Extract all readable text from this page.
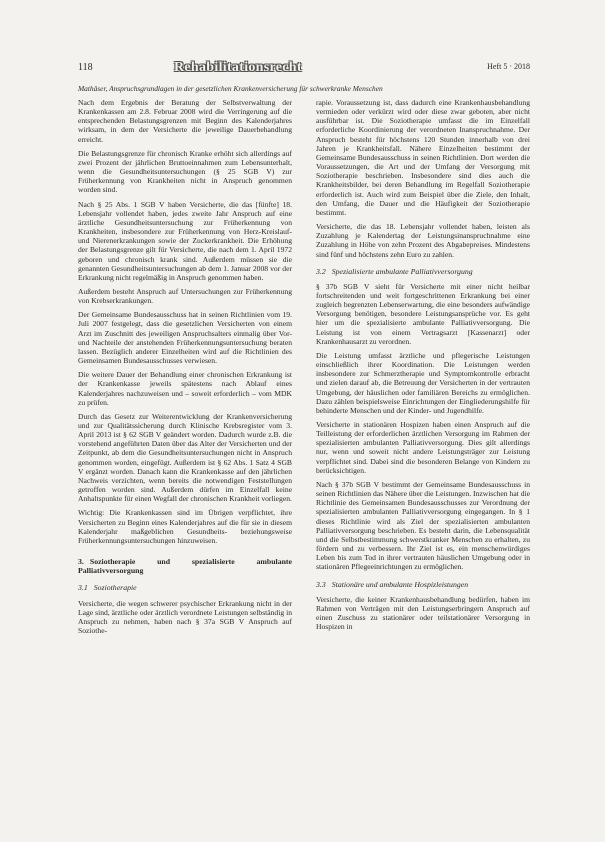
118	Rehabilitationsrecht	Heft 5 · 2018
Mathäser, Anspruchsgrundlagen in der gesetzlichen Krankenversicherung für schwerkranke Menschen

Nach dem Ergebnis der Beratung der Selbstverwaltung der Krankenkassen am 2.8. Februar 2008 wird die Verringerung auf die entsprechenden Belastungsgrenzen mit Beginn des Kalenderjahres wirksam, in dem der Versicherte die jeweilige Dauerbehandlung erreicht.

Die Belastungsgrenze für chronisch Kranke erhöht sich allerdings auf zwei Prozent der jährlichen Bruttoeinnahmen zum Lebensunterhalt, wenn die Gesundheitsuntersuchungen (§ 25 SGB V) zur Früherkennung von Krankheiten nicht in Anspruch genommen worden sind.

Nach § 25 Abs. 1 SGB V haben Versicherte, die das [fünfte] 18. Lebensjahr vollendet haben, jedes zweite Jahr Anspruch auf eine ärztliche Gesundheitsuntersuchung zur Früherkennung von Krankheiten, insbesondere zur Früherkennung von Herz-Kreislauf- und Nierenerkrankungen sowie der Zuckerkrankheit. Die Erhöhung der Belastungsgrenze gilt für Versicherte, die nach dem 1. April 1972 geboren und chronisch krank sind. Außerdem müssen sie die genannten Gesundheitsuntersuchungen ab dem 1. Januar 2008 vor der Erkrankung nicht regelmäßig in Anspruch genommen haben.

Außerdem besteht Anspruch auf Untersuchungen zur Früherkennung von Krebserkrankungen.

Der Gemeinsame Bundesausschuss hat in seinen Richtlinien vom 19. Juli 2007 festgelegt, dass die gesetzlichen Versicherten von einem Arzt im Zuschnitt des jeweiligen Anspruchsalters einmalig über Vor- und Nachteile der anstehenden Früherkennungsuntersuchung beraten lassen. Bezüglich anderer Einzelheiten wird auf die Richtlinien des Gemeinsamen Bundesausschusses verwiesen.

Die weitere Dauer der Behandlung einer chronischen Erkrankung ist der Krankenkasse jeweils spätestens nach Ablauf eines Kalenderjahres nachzuweisen und – soweit erforderlich – vom MDK zu prüfen.

Durch das Gesetz zur Weiterentwicklung der Krankenversicherung und zur Qualitätssicherung durch Klinische Krebsregister vom 3. April 2013 ist § 62 SGB V geändert worden. Dadurch wurde z.B. die vorstehend angeführten Daten über das Alter der Versicherten und der Zeitpunkt, ab dem die Gesundheitsuntersuchungen nicht in Anspruch genommen worden, eingefügt. Außerdem ist § 62 Abs. 1 Satz 4 SGB V ergänzt worden. Danach kann die Krankenkasse auf den jährlichen Nachweis verzichten, wenn bereits die notwendigen Feststellungen getroffen worden sind. Außerdem dürfen im Einzelfall keine Anhaltspunkte für einen Wegfall der chronischen Krankheit vorliegen.

Wichtig: Die Krankenkassen sind im Übrigen verpflichtet, ihre Versicherten zu Beginn eines Kalenderjahres auf die für sie in diesem Kalenderjahr maßgeblichen Gesundheits- beziehungsweise Früherkennungsuntersuchungen hinzuweisen.

3. Soziotherapie und spezialisierte ambulante Palliativversorgung
3.1 Soziotherapie

Versicherte, die wegen schwerer psychischer Erkrankung nicht in der Lage sind, ärztliche oder ärztlich verordnete Leistungen selbständig in Anspruch zu nehmen, haben nach § 37a SGB V Anspruch auf Soziothe-

rapie. Voraussetzung ist, dass dadurch eine Krankenhausbehandlung vermieden oder verkürzt wird oder diese zwar geboten, aber nicht ausführbar ist. Die Soziotherapie umfasst die im Einzelfall erforderliche Koordinierung der verordneten Inanspruchnahme. Der Anspruch besteht für höchstens 120 Stunden innerhalb von drei Jahren je Krankheitsfall. Nähere Einzelheiten bestimmt der Gemeinsame Bundesausschuss in seinen Richtlinien. Dort werden die Voraussetzungen, die Art und der Umfang der Versorgung mit Soziotherapie beschrieben. Insbesondere sind dies auch die Krankheitsbilder, bei deren Behandlung im Regelfall Soziotherapie erforderlich ist. Auch wird zum Beispiel über die Ziele, den Inhalt, den Umfang, die Dauer und die Häufigkeit der Soziotherapie bestimmt.

Versicherte, die das 18. Lebensjahr vollendet haben, leisten als Zuzahlung je Kalendertag der Leistungsinanspruchnahme eine Zuzahlung in Höhe von zehn Prozent des Abgabepreises. Mindestens sind fünf und höchstens zehn Euro zu zahlen.

3.2 Spezialisierte ambulante Palliativversorgung

§ 37b SGB V sieht für Versicherte mit einer nicht heilbar fortschreitenden und weit fortgeschrittenen Erkrankung bei einer zugleich begrenzten Lebenserwartung, die eine besonders aufwändige Versorgung benötigen, besondere Leistungsansprüche vor. Es geht hier um die spezialisierte ambulante Palliativversorgung. Die Leistung ist von einem Vertragsarzt [Kassenarzt] oder Krankenhausarzt zu verordnen.

Die Leistung umfasst ärztliche und pflegerische Leistungen einschließlich ihrer Koordination. Die Leistungen werden insbesondere zur Schmerztherapie und Symptomkontrolle erbracht und zielen darauf ab, die Betreuung der Versicherten in der vertrauten Umgebung, der häuslichen oder familiären Bereichs zu ermöglichen. Dazu zählen beispielsweise Einrichtungen der Eingliederungshilfe für behinderte Menschen und der Kinder- und Jugendhilfe.

Versicherte in stationären Hospizen haben einen Anspruch auf die Teilleistung der erforderlichen ärztlichen Versorgung im Rahmen der spezialisierten ambulanten Palliativversorgung. Dies gilt allerdings nur, wenn und soweit nicht andere Leistungsträger zur Leistung verpflichtet sind. Dabei sind die besonderen Belange von Kindern zu berücksichtigen.

Nach § 37b SGB V bestimmt der Gemeinsame Bundesausschuss in seinen Richtlinien das Nähere über die Leistungen. Inzwischen hat die Richtlinie des Gemeinsamen Bundesausschusses zur Verordnung der spezialisierten ambulanten Palliativversorgung eingegangen. In § 1 dieses Richtlinie wird als Ziel der spezialisierten ambulanten Palliativversorgung beschrieben. Es besteht darin, die Lebensqualität und die Selbstbestimmung schwerstkranker Menschen zu erhalten, zu fördern und zu verbessern. Ihr Ziel ist es, ein menschenwürdiges Leben bis zum Tod in ihrer vertrauten häuslichen Umgebung oder in stationären Pflegeeinrichtungen zu ermöglichen.

3.3 Stationäre und ambulante Hospizleistungen

Versicherte, die keiner Krankenhausbehandlung bedürfen, haben im Rahmen von Verträgen mit den Leistungserbringern Anspruch auf einen Zuschuss zu stationärer oder teilstationärer Versorgung in Hospizen in
